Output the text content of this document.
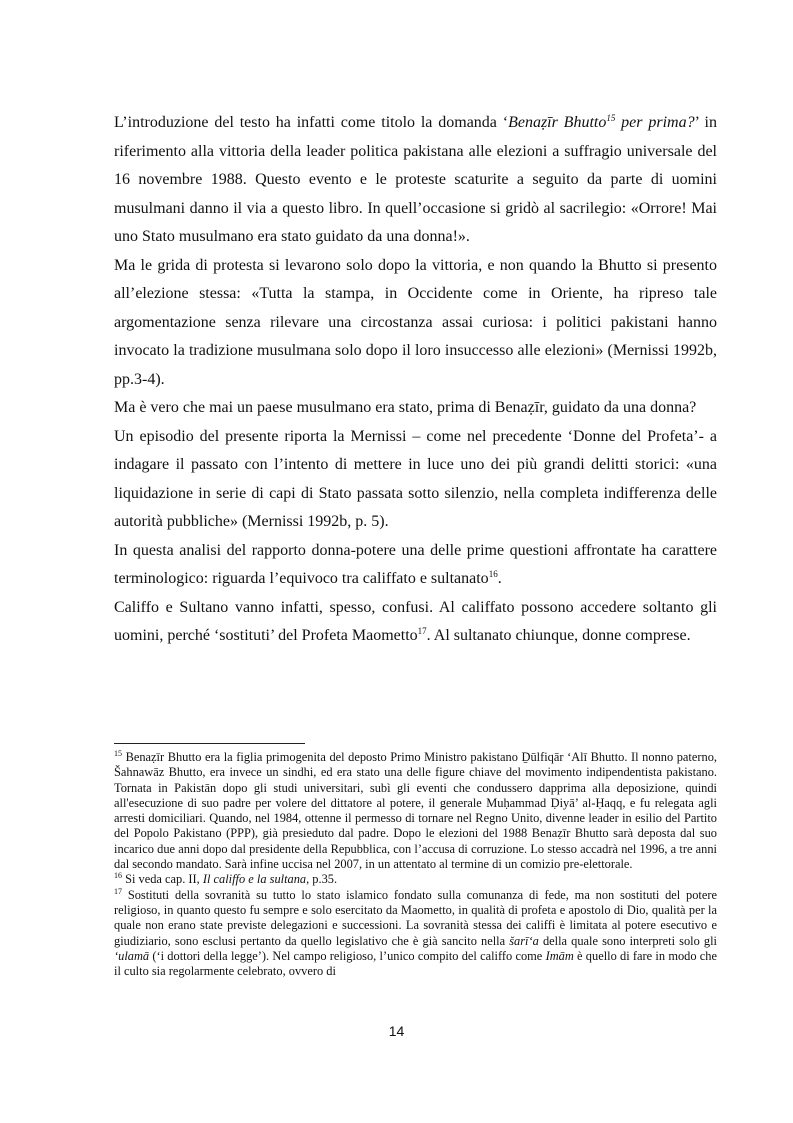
L’introduzione del testo ha infatti come titolo la domanda ‘Benaẓīr Bhutto$^{15}$ per prima?’ in riferimento alla vittoria della leader politica pakistana alle elezioni a suffragio universale del 16 novembre 1988. Questo evento e le proteste scaturite a seguito da parte di uomini musulmani danno il via a questo libro. In quell’occasione si gridò al sacrilegio: «Orrore! Mai uno Stato musulmano era stato guidato da una donna!».

Ma le grida di protesta si levarono solo dopo la vittoria, e non quando la Bhutto si presento all’elezione stessa: «Tutta la stampa, in Occidente come in Oriente, ha ripreso tale argomentazione senza rilevare una circostanza assai curiosa: i politici pakistani hanno invocato la tradizione musulmana solo dopo il loro insuccesso alle elezioni» (Mernissi 1992b, pp.3-4).

Ma è vero che mai un paese musulmano era stato, prima di Benaẓīr, guidato da una donna?

Un episodio del presente riporta la Mernissi – come nel precedente ‘Donne del Profeta’- a indagare il passato con l’intento di mettere in luce uno dei più grandi delitti storici: «una liquidazione in serie di capi di Stato passata sotto silenzio, nella completa indifferenza delle autorità pubbliche» (Mernissi 1992b, p. 5).

In questa analisi del rapporto donna-potere una delle prime questioni affrontate ha carattere terminologico: riguarda l’equivoco tra califfato e sultanato$^{16}$.

Califfo e Sultano vanno infatti, spesso, confusi. Al califfato possono accedere soltanto gli uomini, perché ‘sostituti’ del Profeta Maometto$^{17}$. Al sultanato chiunque, donne comprese.

$^{15}$ Benaẓīr Bhutto era la figlia primogenita del deposto Primo Ministro pakistano Ḏūlfiqār ‘Alī Bhutto. Il nonno paterno, Šahnawāz Bhutto, era invece un sindhi, ed era stato una delle figure chiave del movimento indipendentista pakistano. Tornata in Pakistān dopo gli studi universitari, subì gli eventi che condussero dapprima alla deposizione, quindi all'esecuzione di suo padre per volere del dittatore al potere, il generale Muḥammad Ḍiyā’ al-Ḥaqq, e fu relegata agli arresti domiciliari. Quando, nel 1984, ottenne il permesso di tornare nel Regno Unito, divenne leader in esilio del Partito del Popolo Pakistano (PPP), già presieduto dal padre. Dopo le elezioni del 1988 Benaẓīr Bhutto sarà deposta dal suo incarico due anni dopo dal presidente della Repubblica, con l’accusa di corruzione. Lo stesso accadrà nel 1996, a tre anni dal secondo mandato. Sarà infine uccisa nel 2007, in un attentato al termine di un comizio pre-elettorale.

$^{16}$ Si veda cap. II, Il califfo e la sultana, p.35.

$^{17}$ Sostituti della sovranità su tutto lo stato islamico fondato sulla comunanza di fede, ma non sostituti del potere religioso, in quanto questo fu sempre e solo esercitato da Maometto, in qualità di profeta e apostolo di Dio, qualità per la quale non erano state previste delegazioni e successioni. La sovranità stessa dei califfi è limitata al potere esecutivo e giudiziario, sono esclusi pertanto da quello legislativo che è già sancito nella šarī‘a della quale sono interpreti solo gli ‘ulamā (‘i dottori della legge’). Nel campo religioso, l’unico compito del califfo come Imām è quello di fare in modo che il culto sia regolarmente celebrato, ovvero di

14
